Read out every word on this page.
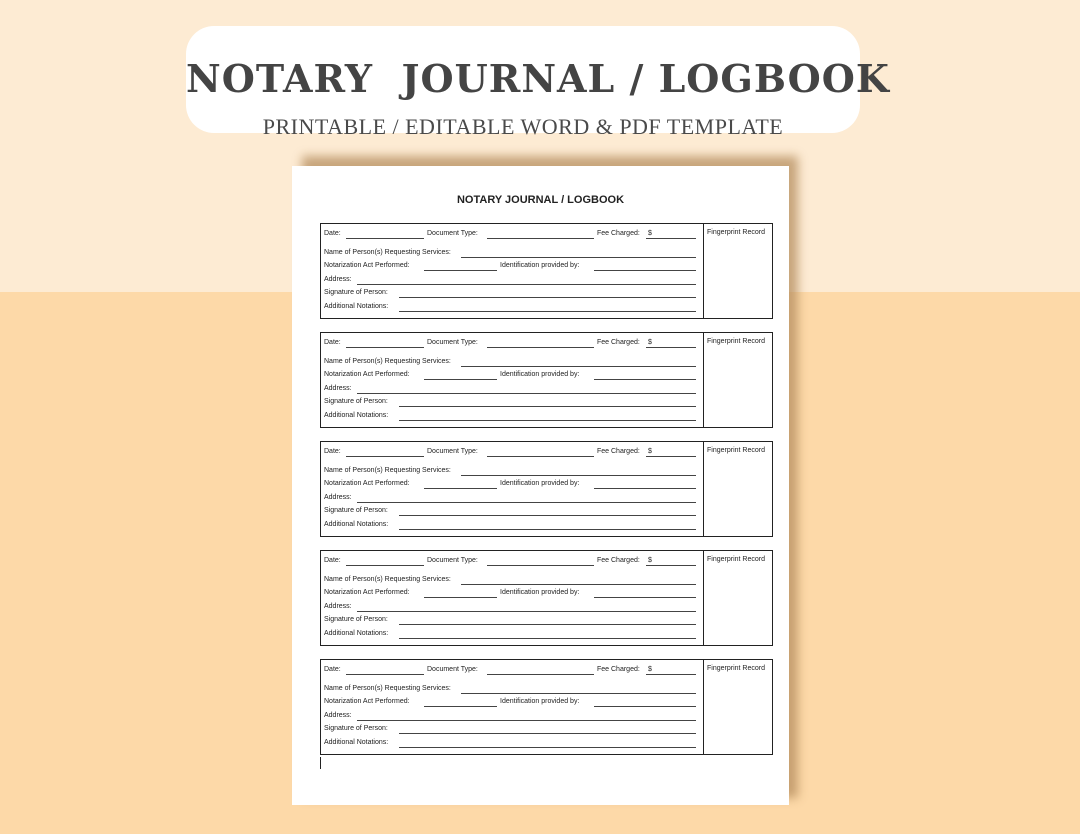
NOTARY  JOURNAL / LOGBOOK
PRINTABLE / EDITABLE WORD & PDF TEMPLATE
NOTARY JOURNAL / LOGBOOK
Date:	Document Type:	Fee Charged: $
Name of Person(s) Requesting Services:
Notarization Act Performed:	Identification provided by:
Address:
Signature of Person:
Additional Notations:
Fingerprint Record
Date:	Document Type:	Fee Charged: $
Name of Person(s) Requesting Services:
Notarization Act Performed:	Identification provided by:
Address:
Signature of Person:
Additional Notations:
Fingerprint Record
Date:	Document Type:	Fee Charged: $
Name of Person(s) Requesting Services:
Notarization Act Performed:	Identification provided by:
Address:
Signature of Person:
Additional Notations:
Fingerprint Record
Date:	Document Type:	Fee Charged: $
Name of Person(s) Requesting Services:
Notarization Act Performed:	Identification provided by:
Address:
Signature of Person:
Additional Notations:
Fingerprint Record
Date:	Document Type:	Fee Charged: $
Name of Person(s) Requesting Services:
Notarization Act Performed:	Identification provided by:
Address:
Signature of Person:
Additional Notations:
Fingerprint Record
